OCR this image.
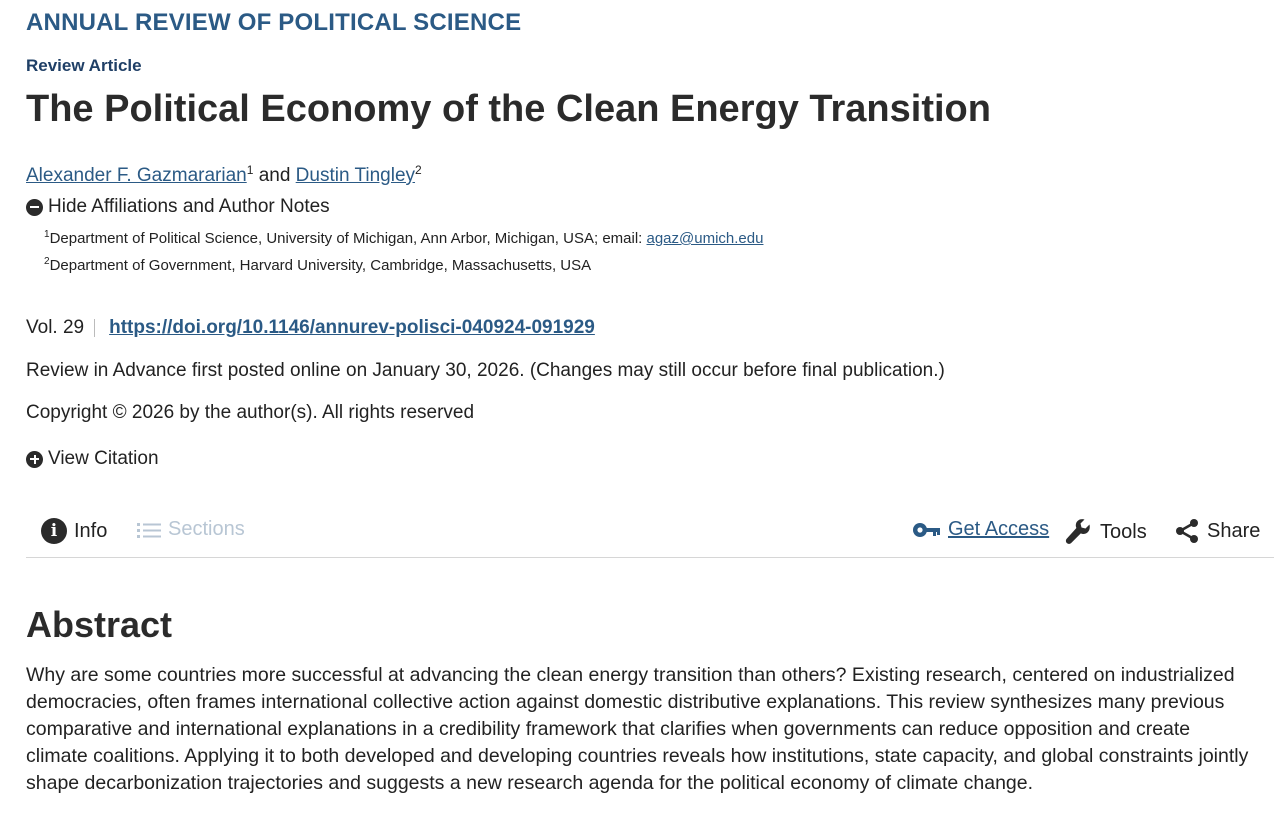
ANNUAL REVIEW OF POLITICAL SCIENCE
Review Article
The Political Economy of the Clean Energy Transition
Alexander F. Gazmararian$^1$ and Dustin Tingley$^2$
Hide Affiliations and Author Notes
$^1$Department of Political Science, University of Michigan, Ann Arbor, Michigan, USA; email: agaz@umich.edu
$^2$Department of Government, Harvard University, Cambridge, Massachusetts, USA
Vol. 29 https://doi.org/10.1146/annurev-polisci-040924-091929
Review in Advance first posted online on January 30, 2026. (Changes may still occur before final publication.)
Copyright © 2026 by the author(s). All rights reserved
View Citation
i Info	Sections	Get Access	Tools	Share
Abstract

Why are some countries more successful at advancing the clean energy transition than others? Existing research, centered on industrialized democracies, often frames international collective action against domestic distributive explanations. This review synthesizes many previous comparative and international explanations in a credibility framework that clarifies when governments can reduce opposition and create climate coalitions. Applying it to both developed and developing countries reveals how institutions, state capacity, and global constraints jointly shape decarbonization trajectories and suggests a new research agenda for the political economy of climate change.
